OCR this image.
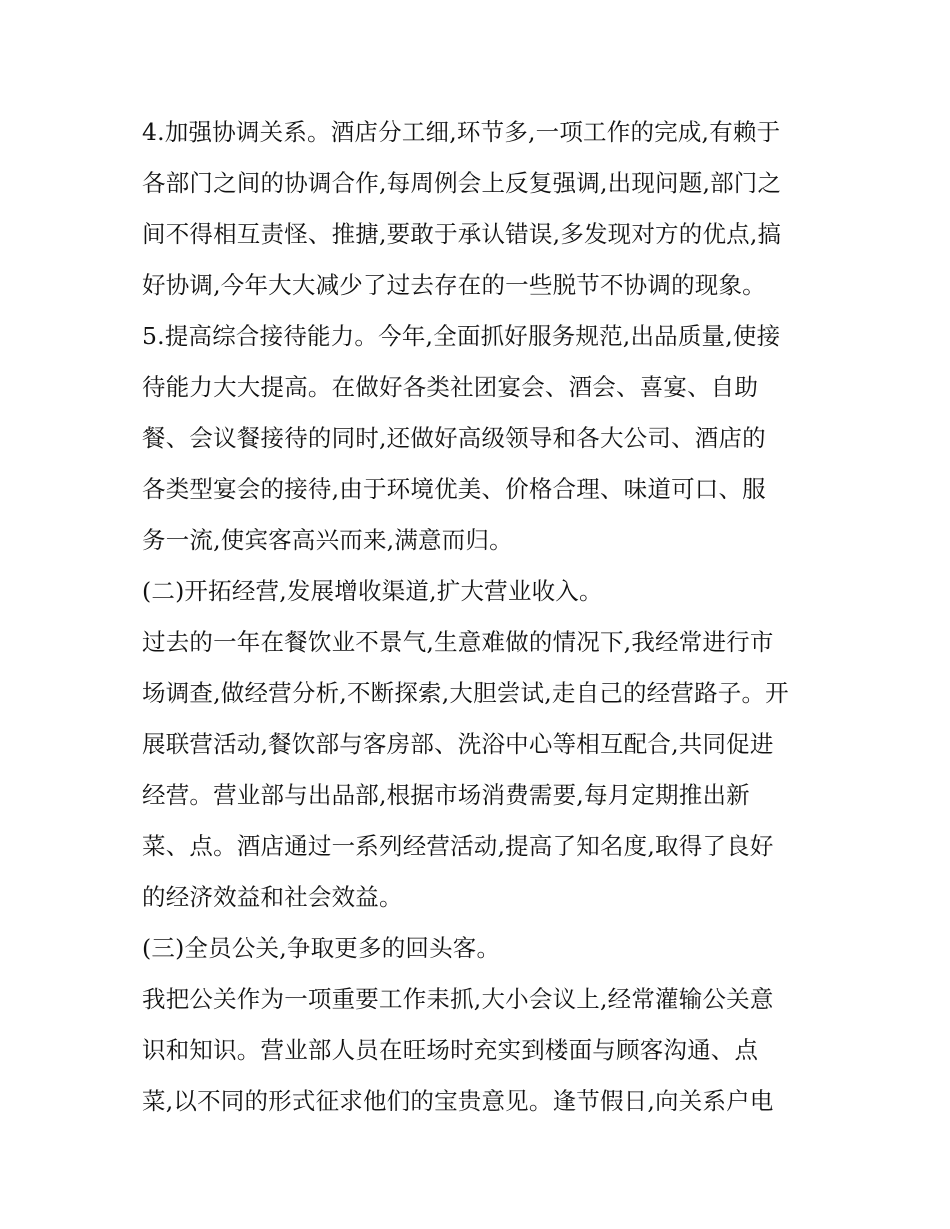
4.加强协调关系。酒店分工细,环节多,一项工作的完成,有赖于
各部门之间的协调合作,每周例会上反复强调,出现问题,部门之
间不得相互责怪、推搪,要敢于承认错误,多发现对方的优点,搞
好协调,今年大大减少了过去存在的一些脱节不协调的现象。
5.提高综合接待能力。今年,全面抓好服务规范,出品质量,使接
待能力大大提高。在做好各类社团宴会、酒会、喜宴、自助
餐、会议餐接待的同时,还做好高级领导和各大公司、酒店的
各类型宴会的接待,由于环境优美、价格合理、味道可口、服
务一流,使宾客高兴而来,满意而归。
(二)开拓经营,发展增收渠道,扩大营业收入。
过去的一年在餐饮业不景气,生意难做的情况下,我经常进行市
场调查,做经营分析,不断探索,大胆尝试,走自己的经营路子。开
展联营活动,餐饮部与客房部、洗浴中心等相互配合,共同促进
经营。营业部与出品部,根据市场消费需要,每月定期推出新
菜、点。酒店通过一系列经营活动,提高了知名度,取得了良好
的经济效益和社会效益。
(三)全员公关,争取更多的回头客。
我把公关作为一项重要工作耒抓,大小会议上,经常灌输公关意
识和知识。营业部人员在旺场时充实到楼面与顾客沟通、点
菜,以不同的形式征求他们的宝贵意见。逢节假日,向关系户电
